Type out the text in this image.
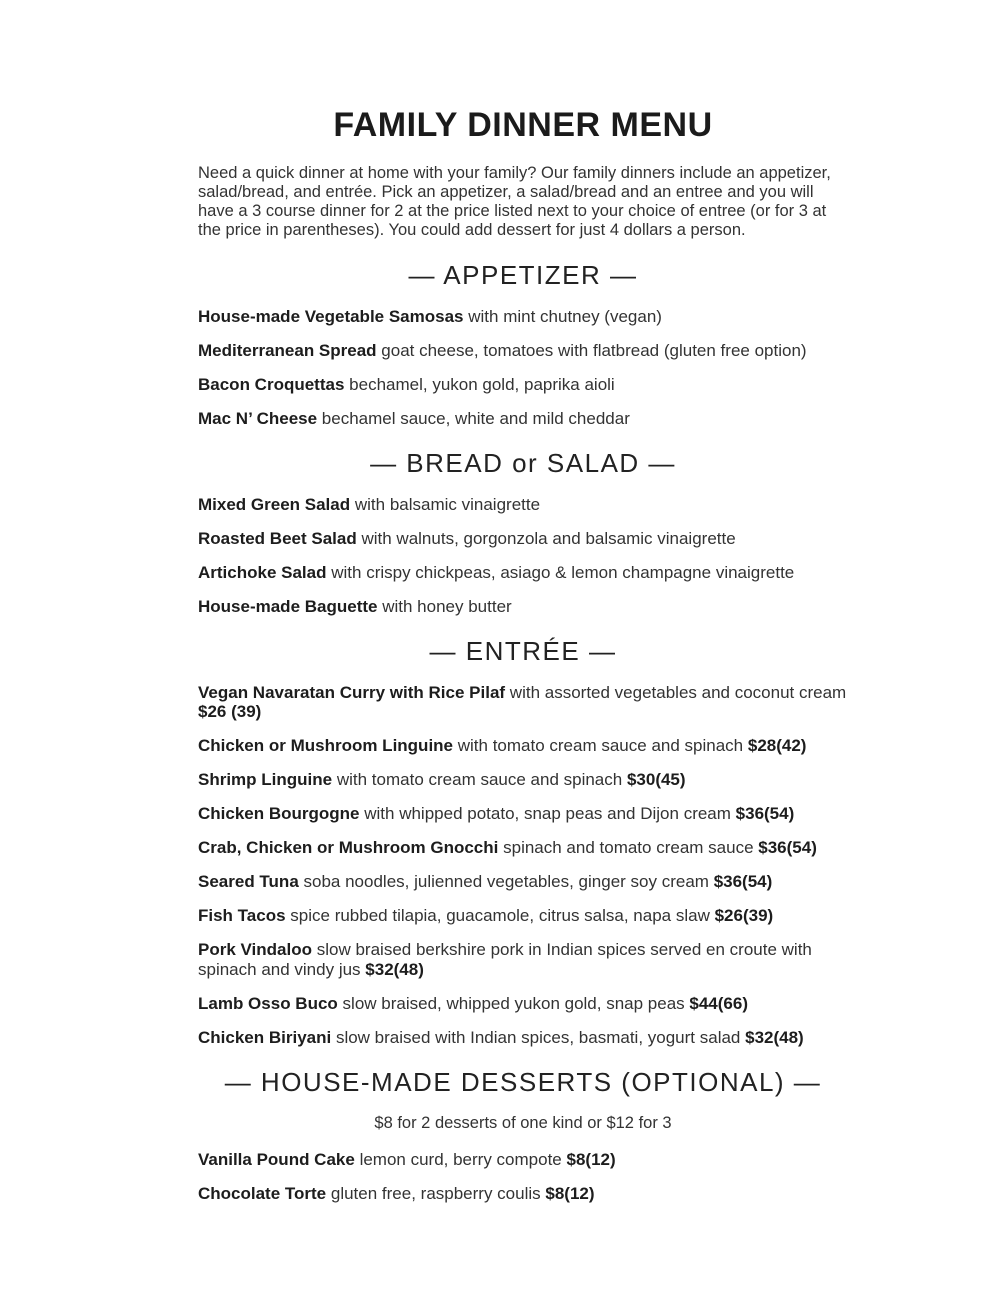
FAMILY DINNER MENU

Need a quick dinner at home with your family? Our family dinners include an appetizer, salad/bread, and entrée. Pick an appetizer, a salad/bread and an entree and you will have a 3 course dinner for 2 at the price listed next to your choice of entree (or for 3 at the price in parentheses). You could add dessert for just 4 dollars a person.

— APPETIZER —

House-made Vegetable Samosas with mint chutney (vegan)

Mediterranean Spread goat cheese, tomatoes with flatbread (gluten free option)

Bacon Croquettas bechamel, yukon gold, paprika aioli

Mac N’ Cheese bechamel sauce, white and mild cheddar

— BREAD or SALAD —

Mixed Green Salad with balsamic vinaigrette

Roasted Beet Salad with walnuts, gorgonzola and balsamic vinaigrette

Artichoke Salad with crispy chickpeas, asiago & lemon champagne vinaigrette

House-made Baguette with honey butter

— ENTRÉE —

Vegan Navaratan Curry with Rice Pilaf with assorted vegetables and coconut cream $26 (39)

Chicken or Mushroom Linguine with tomato cream sauce and spinach $28(42)

Shrimp Linguine with tomato cream sauce and spinach $30(45)

Chicken Bourgogne with whipped potato, snap peas and Dijon cream $36(54)

Crab, Chicken or Mushroom Gnocchi spinach and tomato cream sauce $36(54)

Seared Tuna soba noodles, julienned vegetables, ginger soy cream $36(54)

Fish Tacos spice rubbed tilapia, guacamole, citrus salsa, napa slaw $26(39)

Pork Vindaloo slow braised berkshire pork in Indian spices served en croute with spinach and vindy jus $32(48)

Lamb Osso Buco slow braised, whipped yukon gold, snap peas $44(66)

Chicken Biriyani slow braised with Indian spices, basmati, yogurt salad $32(48)

— HOUSE-MADE DESSERTS (OPTIONAL) —

$8 for 2 desserts of one kind or $12 for 3

Vanilla Pound Cake lemon curd, berry compote $8(12)

Chocolate Torte gluten free, raspberry coulis $8(12)
